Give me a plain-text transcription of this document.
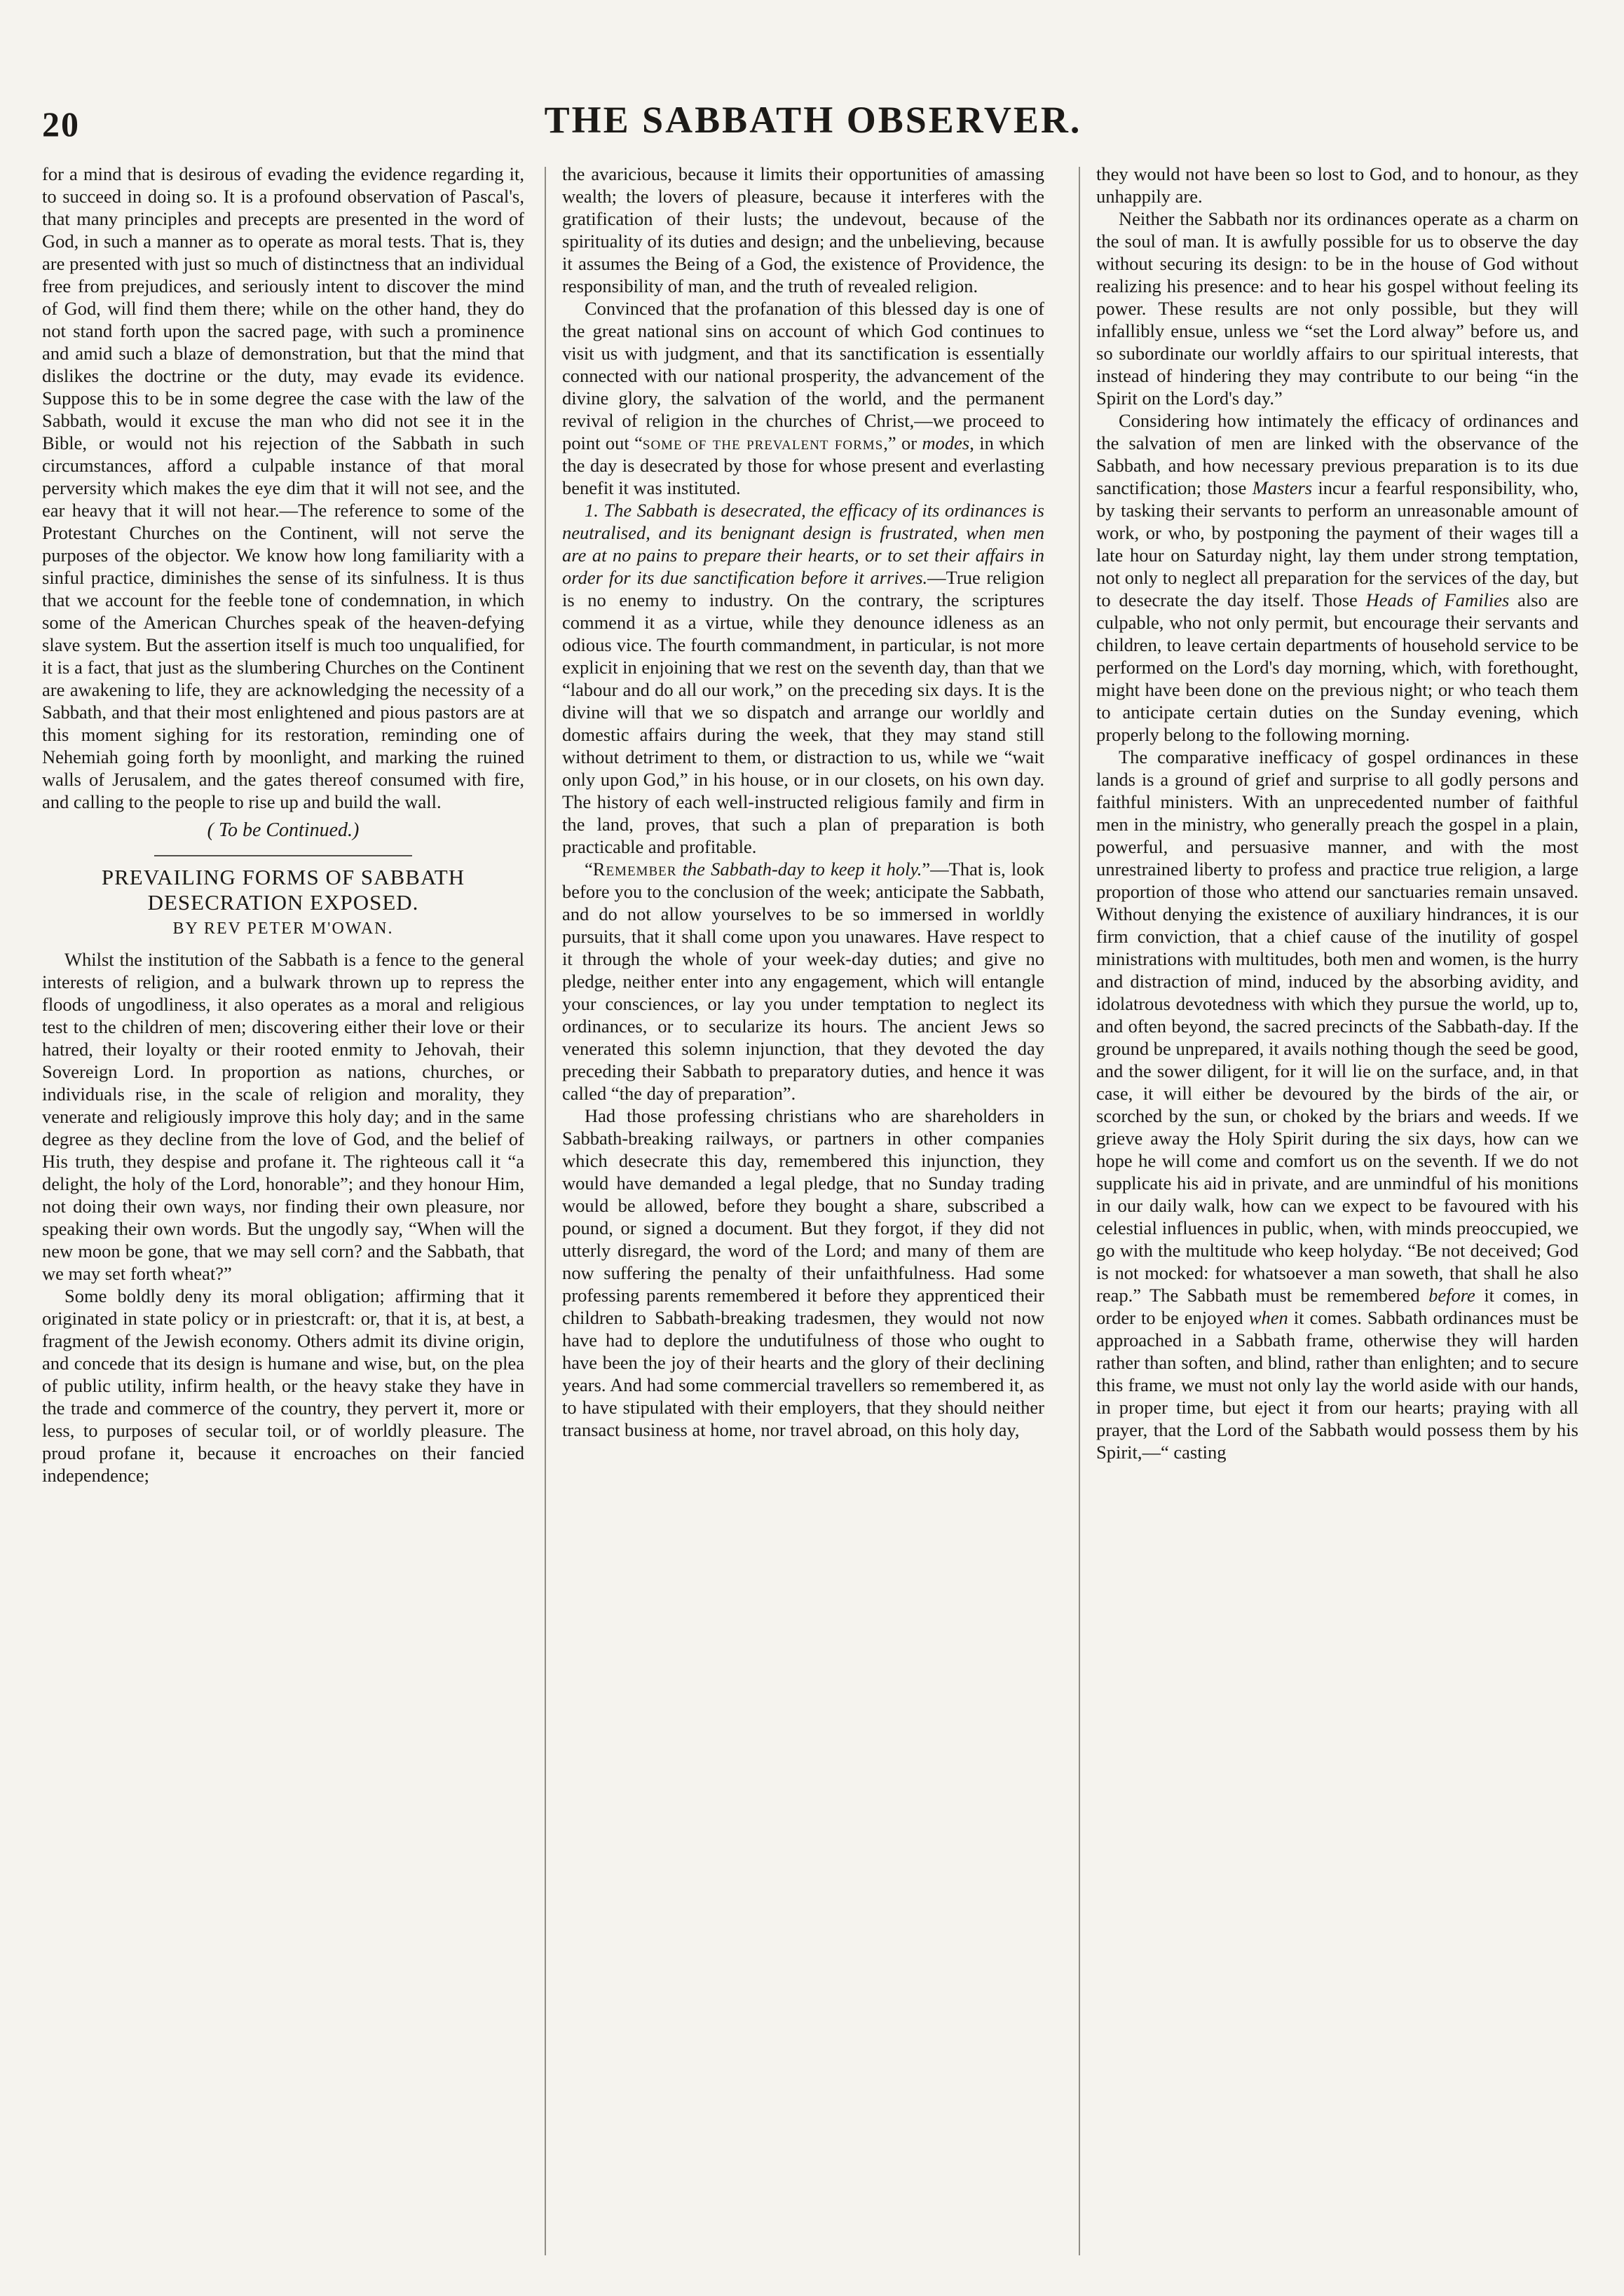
20	THE SABBATH OBSERVER.

for a mind that is desirous of evading the evidence regarding it, to succeed in doing so. It is a profound observation of Pascal's, that many principles and precepts are presented in the word of God, in such a manner as to operate as moral tests. That is, they are presented with just so much of distinctness that an individual free from prejudices, and seriously intent to discover the mind of God, will find them there; while on the other hand, they do not stand forth upon the sacred page, with such a prominence and amid such a blaze of demonstration, but that the mind that dislikes the doctrine or the duty, may evade its evidence. Suppose this to be in some degree the case with the law of the Sabbath, would it excuse the man who did not see it in the Bible, or would not his rejection of the Sabbath in such circumstances, afford a culpable instance of that moral perversity which makes the eye dim that it will not see, and the ear heavy that it will not hear.—The reference to some of the Protestant Churches on the Continent, will not serve the purposes of the objector. We know how long familiarity with a sinful practice, diminishes the sense of its sinfulness. It is thus that we account for the feeble tone of condemnation, in which some of the American Churches speak of the heaven-defying slave system. But the assertion itself is much too unqualified, for it is a fact, that just as the slumbering Churches on the Continent are awakening to life, they are acknowledging the necessity of a Sabbath, and that their most enlightened and pious pastors are at this moment sighing for its restoration, reminding one of Nehemiah going forth by moonlight, and marking the ruined walls of Jerusalem, and the gates thereof consumed with fire, and calling to the people to rise up and build the wall.

( To be Continued.)

PREVAILING FORMS OF SABBATH DESECRATION EXPOSED.
BY REV PETER M'OWAN.

Whilst the institution of the Sabbath is a fence to the general interests of religion, and a bulwark thrown up to repress the floods of ungodliness, it also operates as a moral and religious test to the children of men; discovering either their love or their hatred, their loyalty or their rooted enmity to Jehovah, their Sovereign Lord. In proportion as nations, churches, or individuals rise, in the scale of religion and morality, they venerate and religiously improve this holy day; and in the same degree as they decline from the love of God, and the belief of His truth, they despise and profane it. The righteous call it “a delight, the holy of the Lord, honorable”; and they honour Him, not doing their own ways, nor finding their own pleasure, nor speaking their own words. But the ungodly say, “When will the new moon be gone, that we may sell corn? and the Sabbath, that we may set forth wheat?”

Some boldly deny its moral obligation; affirming that it originated in state policy or in priestcraft: or, that it is, at best, a fragment of the Jewish economy. Others admit its divine origin, and concede that its design is humane and wise, but, on the plea of public utility, infirm health, or the heavy stake they have in the trade and commerce of the country, they pervert it, more or less, to purposes of secular toil, or of worldly pleasure. The proud profane it, because it encroaches on their fancied independence;

the avaricious, because it limits their opportunities of amassing wealth; the lovers of pleasure, because it interferes with the gratification of their lusts; the undevout, because of the spirituality of its duties and design; and the unbelieving, because it assumes the Being of a God, the existence of Providence, the responsibility of man, and the truth of revealed religion.

Convinced that the profanation of this blessed day is one of the great national sins on account of which God continues to visit us with judgment, and that its sanctification is essentially connected with our national prosperity, the advancement of the divine glory, the salvation of the world, and the permanent revival of religion in the churches of Christ,—we proceed to point out “some of the prevalent forms,” or modes, in which the day is desecrated by those for whose present and everlasting benefit it was instituted.

1. The Sabbath is desecrated, the efficacy of its ordinances is neutralised, and its benignant design is frustrated, when men are at no pains to prepare their hearts, or to set their affairs in order for its due sanctification before it arrives.—True religion is no enemy to industry. On the contrary, the scriptures commend it as a virtue, while they denounce idleness as an odious vice. The fourth commandment, in particular, is not more explicit in enjoining that we rest on the seventh day, than that we “labour and do all our work,” on the preceding six days. It is the divine will that we so dispatch and arrange our worldly and domestic affairs during the week, that they may stand still without detriment to them, or distraction to us, while we “wait only upon God,” in his house, or in our closets, on his own day. The history of each well-instructed religious family and firm in the land, proves, that such a plan of preparation is both practicable and profitable.

“Remember the Sabbath-day to keep it holy.”—That is, look before you to the conclusion of the week; anticipate the Sabbath, and do not allow yourselves to be so immersed in worldly pursuits, that it shall come upon you unawares. Have respect to it through the whole of your week-day duties; and give no pledge, neither enter into any engagement, which will entangle your consciences, or lay you under temptation to neglect its ordinances, or to secularize its hours. The ancient Jews so venerated this solemn injunction, that they devoted the day preceding their Sabbath to preparatory duties, and hence it was called “the day of preparation”.

Had those professing christians who are shareholders in Sabbath-breaking railways, or partners in other companies which desecrate this day, remembered this injunction, they would have demanded a legal pledge, that no Sunday trading would be allowed, before they bought a share, subscribed a pound, or signed a document. But they forgot, if they did not utterly disregard, the word of the Lord; and many of them are now suffering the penalty of their unfaithfulness. Had some professing parents remembered it before they apprenticed their children to Sabbath-breaking tradesmen, they would not now have had to deplore the undutifulness of those who ought to have been the joy of their hearts and the glory of their declining years. And had some commercial travellers so remembered it, as to have stipulated with their employers, that they should neither transact business at home, nor travel abroad, on this holy day,

they would not have been so lost to God, and to honour, as they unhappily are.

Neither the Sabbath nor its ordinances operate as a charm on the soul of man. It is awfully possible for us to observe the day without securing its design: to be in the house of God without realizing his presence: and to hear his gospel without feeling its power. These results are not only possible, but they will infallibly ensue, unless we “set the Lord alway” before us, and so subordinate our worldly affairs to our spiritual interests, that instead of hindering they may contribute to our being “in the Spirit on the Lord's day.”

Considering how intimately the efficacy of ordinances and the salvation of men are linked with the observance of the Sabbath, and how necessary previous preparation is to its due sanctification; those Masters incur a fearful responsibility, who, by tasking their servants to perform an unreasonable amount of work, or who, by postponing the payment of their wages till a late hour on Saturday night, lay them under strong temptation, not only to neglect all preparation for the services of the day, but to desecrate the day itself. Those Heads of Families also are culpable, who not only permit, but encourage their servants and children, to leave certain departments of household service to be performed on the Lord's day morning, which, with forethought, might have been done on the previous night; or who teach them to anticipate certain duties on the Sunday evening, which properly belong to the following morning.

The comparative inefficacy of gospel ordinances in these lands is a ground of grief and surprise to all godly persons and faithful ministers. With an unprecedented number of faithful men in the ministry, who generally preach the gospel in a plain, powerful, and persuasive manner, and with the most unrestrained liberty to profess and practice true religion, a large proportion of those who attend our sanctuaries remain unsaved. Without denying the existence of auxiliary hindrances, it is our firm conviction, that a chief cause of the inutility of gospel ministrations with multitudes, both men and women, is the hurry and distraction of mind, induced by the absorbing avidity, and idolatrous devotedness with which they pursue the world, up to, and often beyond, the sacred precincts of the Sabbath-day. If the ground be unprepared, it avails nothing though the seed be good, and the sower diligent, for it will lie on the surface, and, in that case, it will either be devoured by the birds of the air, or scorched by the sun, or choked by the briars and weeds. If we grieve away the Holy Spirit during the six days, how can we hope he will come and comfort us on the seventh. If we do not supplicate his aid in private, and are unmindful of his monitions in our daily walk, how can we expect to be favoured with his celestial influences in public, when, with minds preoccupied, we go with the multitude who keep holyday. “Be not deceived; God is not mocked: for whatsoever a man soweth, that shall he also reap.” The Sabbath must be remembered before it comes, in order to be enjoyed when it comes. Sabbath ordinances must be approached in a Sabbath frame, otherwise they will harden rather than soften, and blind, rather than enlighten; and to secure this frame, we must not only lay the world aside with our hands, in proper time, but eject it from our hearts; praying with all prayer, that the Lord of the Sabbath would possess them by his Spirit,—“ casting
